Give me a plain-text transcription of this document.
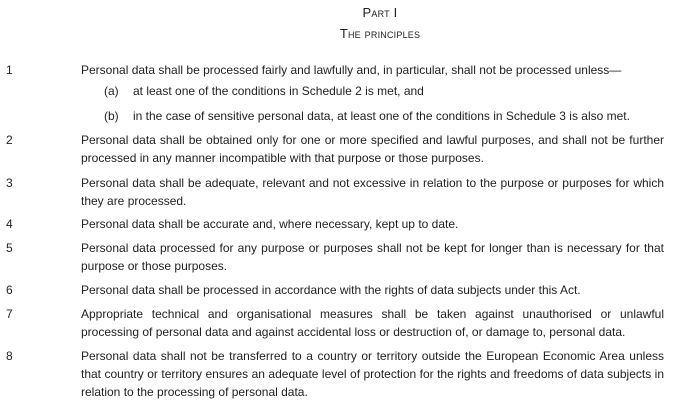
Part I
The principles
1	Personal data shall be processed fairly and lawfully and, in particular, shall not be processed unless—
(a) at least one of the conditions in Schedule 2 is met, and
(b) in the case of sensitive personal data, at least one of the conditions in Schedule 3 is also met.
2	Personal data shall be obtained only for one or more specified and lawful purposes, and shall not be further processed in any manner incompatible with that purpose or those purposes.
3	Personal data shall be adequate, relevant and not excessive in relation to the purpose or purposes for which they are processed.
4	Personal data shall be accurate and, where necessary, kept up to date.
5	Personal data processed for any purpose or purposes shall not be kept for longer than is necessary for that purpose or those purposes.
6	Personal data shall be processed in accordance with the rights of data subjects under this Act.
7	Appropriate technical and organisational measures shall be taken against unauthorised or unlawful processing of personal data and against accidental loss or destruction of, or damage to, personal data.
8	Personal data shall not be transferred to a country or territory outside the European Economic Area unless that country or territory ensures an adequate level of protection for the rights and freedoms of data subjects in relation to the processing of personal data.
